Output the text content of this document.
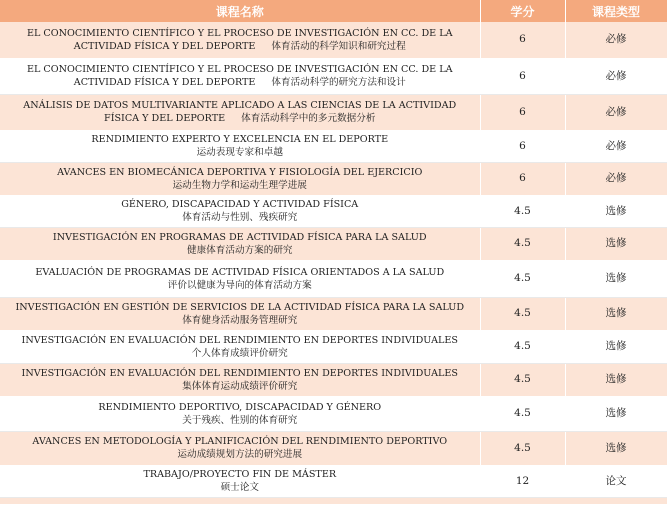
课程名称	学分	课程类型
EL CONOCIMIENTO CIENTÍFICO Y EL PROCESO DE INVESTIGACIÓN EN CC. DE LA
ACTIVIDAD FÍSICA Y DEL DEPORTE 体育活动的科学知识和研究过程	6	必修
EL CONOCIMIENTO CIENTÍFICO Y EL PROCESO DE INVESTIGACIÓN EN CC. DE LA
ACTIVIDAD FÍSICA Y DEL DEPORTE 体育活动科学的研究方法和设计	6	必修
ANÁLISIS DE DATOS MULTIVARIANTE APLICADO A LAS CIENCIAS DE LA ACTIVIDAD
FÍSICA Y DEL DEPORTE 体育活动科学中的多元数据分析	6	必修
RENDIMIENTO EXPERTO Y EXCELENCIA EN EL DEPORTE
运动表现专家和卓越	6	必修
AVANCES EN BIOMECÁNICA DEPORTIVA Y FISIOLOGÍA DEL EJERCICIO
运动生物力学和运动生理学进展	6	必修
GÉNERO, DISCAPACIDAD Y ACTIVIDAD FÍSICA
体育活动与性别、残疾研究	4.5	选修
INVESTIGACIÓN EN PROGRAMAS DE ACTIVIDAD FÍSICA PARA LA SALUD
健康体育活动方案的研究	4.5	选修
EVALUACIÓN DE PROGRAMAS DE ACTIVIDAD FÍSICA ORIENTADOS A LA SALUD
评价以健康为导向的体育活动方案	4.5	选修
INVESTIGACIÓN EN GESTIÓN DE SERVICIOS DE LA ACTIVIDAD FÍSICA PARA LA SALUD
体育健身活动服务管理研究	4.5	选修
INVESTIGACIÓN EN EVALUACIÓN DEL RENDIMIENTO EN DEPORTES INDIVIDUALES
个人体育成绩评价研究	4.5	选修
INVESTIGACIÓN EN EVALUACIÓN DEL RENDIMIENTO EN DEPORTES INDIVIDUALES
集体体育运动成绩评价研究	4.5	选修
RENDIMIENTO DEPORTIVO, DISCAPACIDAD Y GÉNERO
关于残疾、性别的体育研究	4.5	选修
AVANCES EN METODOLOGÍA Y PLANIFICACIÓN DEL RENDIMIENTO DEPORTIVO
运动成绩规划方法的研究进展	4.5	选修
TRABAJO/PROYECTO FIN DE MÁSTER
硕士论文	12	论文
